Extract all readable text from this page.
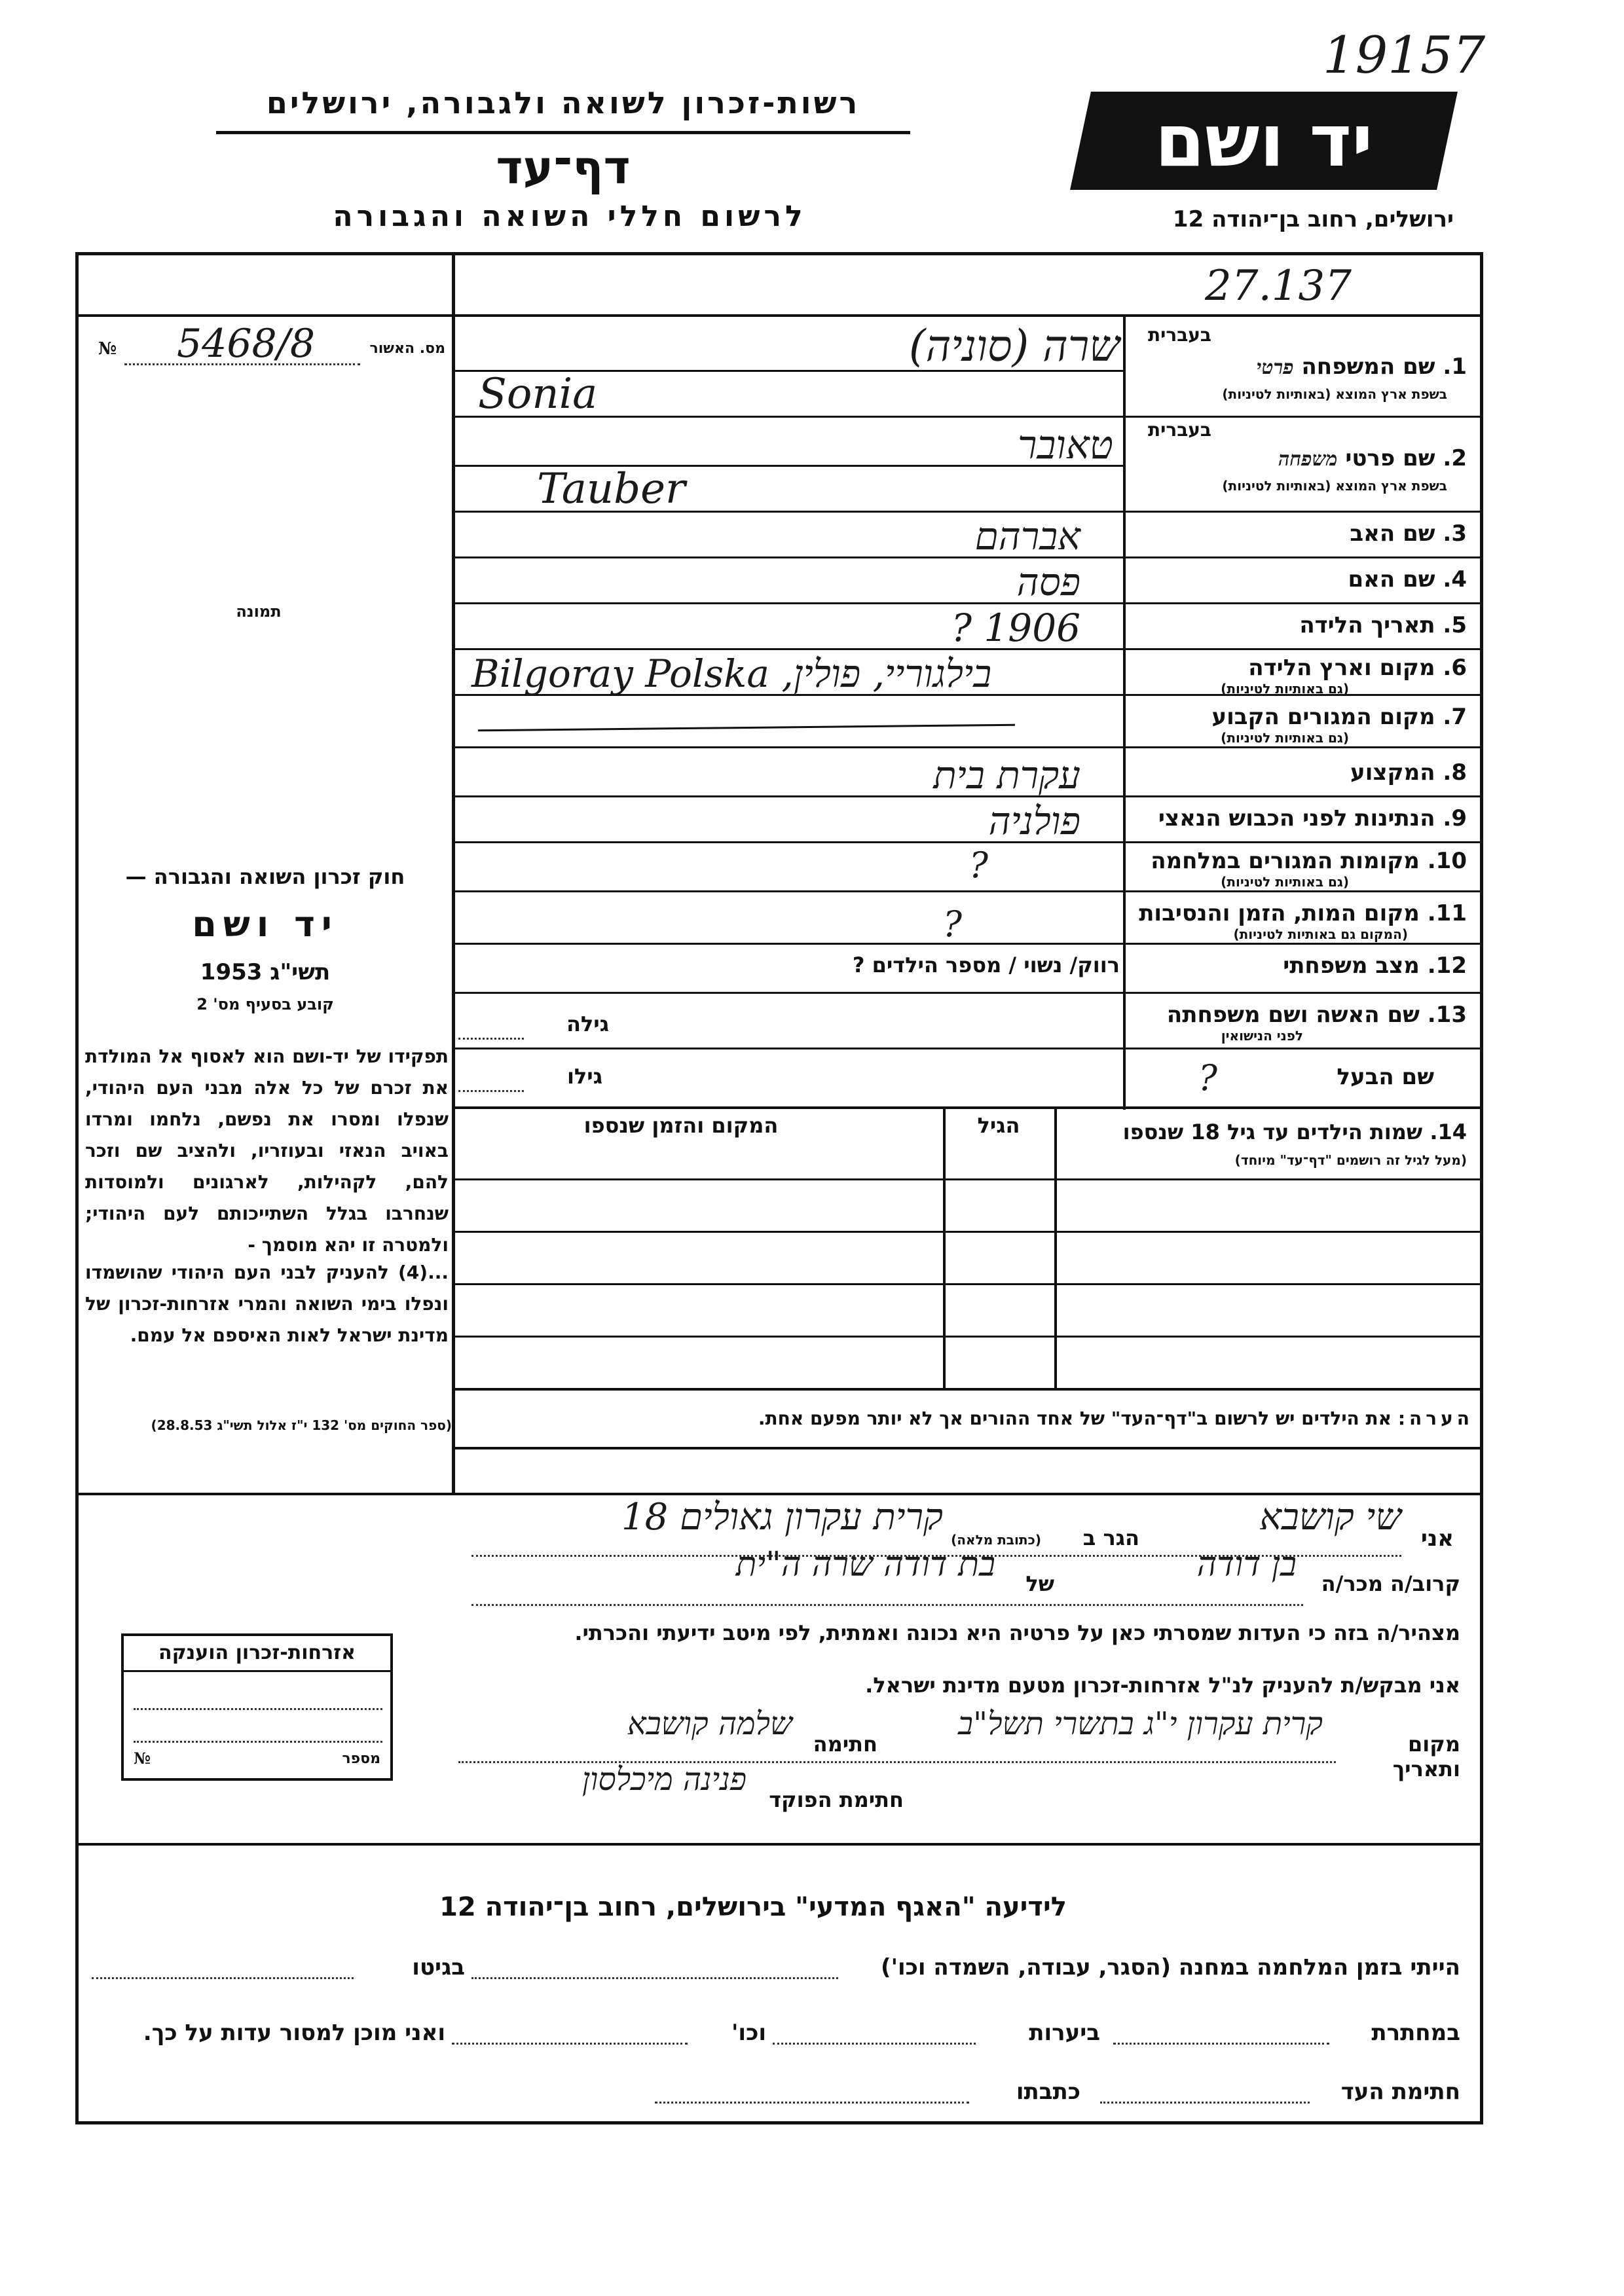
19157
רשות-זכרון לשואה ולגבורה, ירושלים
דף־עד
לרשום חללי השואה והגבורה
יד ושם
ירושלים, רחוב בן־יהודה 12
27.137
מס. האשור
5468/8
№
תמונה
חוק זכרון השואה והגבורה —
יד ושם
תשי"ג 1953
קובע בסעיף מס' 2
תפקידו של יד-ושם הוא לאסוף אל המולדת את זכרם של כל אלה מבני העם היהודי, שנפלו ומסרו את נפשם, נלחמו ומרדו באויב הנאזי ובעוזריו, ולהציב שם וזכר להם, לקהילות, לארגונים ולמוסדות שנחרבו בגלל השתייכותם לעם היהודי; ולמטרה זו יהא מוסמך -
...(4) להעניק לבני העם היהודי שהושמדו ונפלו בימי השואה והמרי אזרחות-זכרון של מדינת ישראל לאות האיספם אל עמם.
(ספר החוקים מס' 132 י"ז אלול תשי"ג 28.8.53)
בעברית
1. שם המשפחה פרטי
בשפת ארץ המוצא (באותיות לטיניות)
שרה (סוניה)
Sonia
בעברית
2. שם פרטי משפחה
בשפת ארץ המוצא (באותיות לטיניות)
טאובר
Tauber
3. שם האב
אברהם
4. שם האם
פסה
5. תאריך הלידה
1906 ?
6. מקום וארץ הלידה
(גם באותיות לטיניות)
Bilgoray Polska ,בילגוריי, פולין
7. מקום המגורים הקבוע
(גם באותיות לטיניות)
8. המקצוע
עקרת בית
9. הנתינות לפני הכבוש הנאצי
פולניה
10. מקומות המגורים במלחמה
(גם באותיות לטיניות)
?
11. מקום המות, הזמן והנסיבות
(המקום גם באותיות לטיניות)
?
12. מצב משפחתי
רווק/ נשוי / מספר הילדים ?
13. שם האשה ושם משפחתה
לפני הנישואין
גילה
שם הבעל
?
גילו
14. שמות הילדים עד גיל 18 שנספו
(מעל לגיל זה רושמים "דף־עד" מיוחד)
הגיל
המקום והזמן שנספו
הערה: את הילדים יש לרשום ב"דף־העד" של אחד ההורים אך לא יותר מפעם אחת.
אני
שי קושבא
הגר ב
(כתובת מלאה)
קרית עקרון גאולים 18
קרוב/ה מכר/ה
בן דודה
של
בת דודה שרה ה"ית
מצהיר/ה בזה כי העדות שמסרתי כאן על פרטיה היא נכונה ואמתית, לפי מיטב ידיעתי והכרתי.
אני מבקש/ת להעניק לנ"ל אזרחות-זכרון מטעם מדינת ישראל.
מקום ותאריך
קרית עקרון י"ג בתשרי תשל"ב
חתימה
שלמה קושבא
חתימת הפוקד
פנינה מיכלסון
אזרחות-זכרון הוענקה
מספר
№
לידיעה "האגף המדעי" בירושלים, רחוב בן־יהודה 12
הייתי בזמן המלחמה במחנה (הסגר, עבודה, השמדה וכו')
בגיטו
במחתרת
ביערות
וכו'
ואני מוכן למסור עדות על כך.
חתימת העד
כתבתו
